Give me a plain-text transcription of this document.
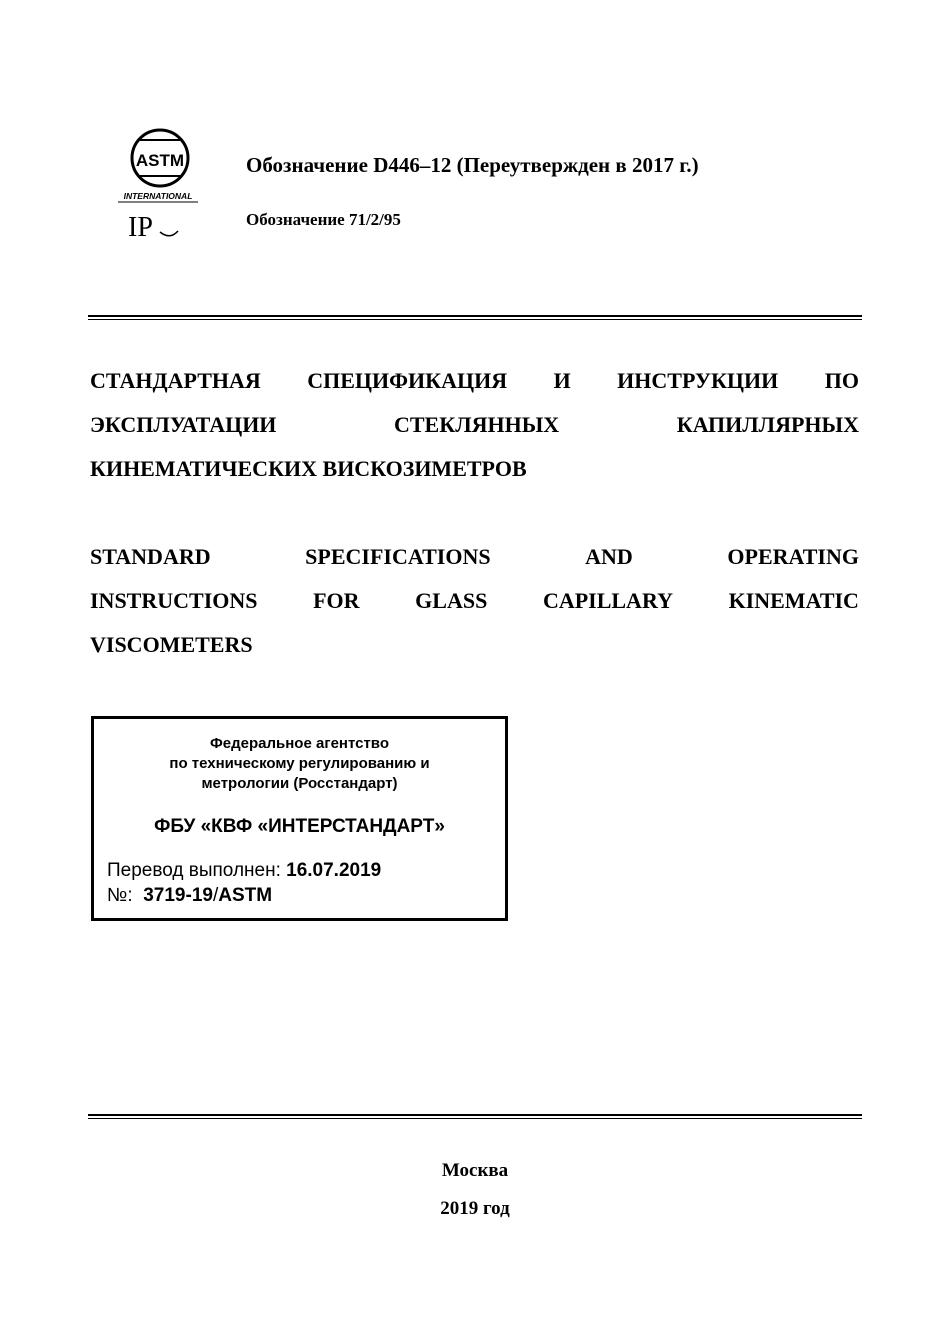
ASTM
INTERNATIONAL
IP
Обозначение D446–12 (Переутвержден в 2017 г.)
Обозначение 71/2/95
СТАНДАРТНАЯ СПЕЦИФИКАЦИЯ И ИНСТРУКЦИИ ПО
ЭКСПЛУАТАЦИИ	СТЕКЛЯННЫХ	КАПИЛЛЯРНЫХ
КИНЕМАТИЧЕСКИХ ВИСКОЗИМЕТРОВ
STANDARD	SPECIFICATIONS	AND	OPERATING
INSTRUCTIONS	FOR	GLASS	CAPILLARY	KINEMATIC
VISCOMETERS
Федеральное агентство
по техническому регулированию и
метрологии (Росстандарт)
ФБУ «КВФ «ИНТЕРСТАНДАРТ»
Перевод выполнен: 16.07.2019
№: 3719-19/ASTM
Москва
2019 год
